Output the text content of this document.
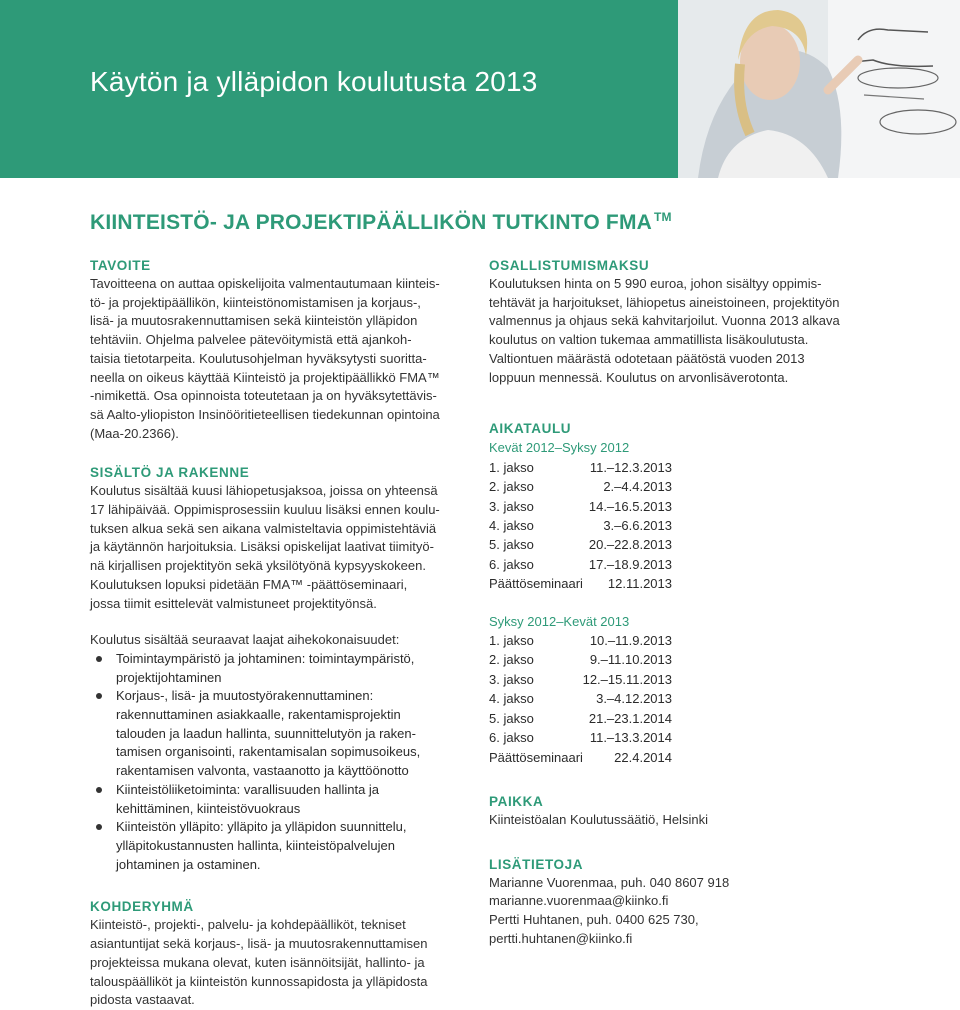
Käytön ja ylläpidon koulutusta 2013
KIINTEISTÖ- JA PROJEKTIPÄÄLLIKÖN TUTKINTO FMA ™
TAVOITE
Tavoitteena on auttaa opiskelijoita valmentautumaan kiinteis-
tö- ja projektipäällikön, kiinteistönomistamisen ja korjaus-,
lisä- ja muutosrakennuttamisen sekä kiinteistön ylläpidon
tehtäviin. Ohjelma palvelee pätevöitymistä että ajankoh-
taisia tietotarpeita. Koulutusohjelman hyväksytysti suoritta-
neella on oikeus käyttää Kiinteistö ja projektipäällikkö FMA™
-nimikettä. Osa opinnoista toteutetaan ja on hyväksytettävis-
sä Aalto-yliopiston Insinööritieteellisen tiedekunnan opintoina
(Maa-20.2366).
SISÄLTÖ JA RAKENNE
Koulutus sisältää kuusi lähiopetusjaksoa, joissa on yhteensä
17 lähipäivää. Oppimisprosessiin kuuluu lisäksi ennen koulu-
tuksen alkua sekä sen aikana valmisteltavia oppimistehtäviä
ja käytännön harjoituksia. Lisäksi opiskelijat laativat tiimityö-
nä kirjallisen projektityön sekä yksilötyönä kypsyyskokeen.
Koulutuksen lopuksi pidetään FMA™ -päättöseminaari,
jossa tiimit esittelevät valmistuneet projektityönsä.
Koulutus sisältää seuraavat laajat aihekokonaisuudet:
Toimintaympäristö ja johtaminen: toimintaympäristö,
projektijohtaminen
Korjaus-, lisä- ja muutostyörakennuttaminen:
rakennuttaminen asiakkaalle, rakentamisprojektin
talouden ja laadun hallinta, suunnittelutyön ja raken-
tamisen organisointi, rakentamisalan sopimusoikeus,
rakentamisen valvonta, vastaanotto ja käyttöönotto
Kiinteistöliiketoiminta: varallisuuden hallinta ja
kehittäminen, kiinteistövuokraus
Kiinteistön ylläpito: ylläpito ja ylläpidon suunnittelu,
ylläpitokustannusten hallinta, kiinteistöpalvelujen
johtaminen ja ostaminen.
KOHDERYHMÄ
Kiinteistö-, projekti-, palvelu- ja kohdepäälliköt, tekniset
asiantuntijat sekä korjaus-, lisä- ja muutosrakennuttamisen
projekteissa mukana olevat, kuten isännöitsijät, hallinto- ja
talouspäälliköt ja kiinteistön kunnossapidosta ja ylläpidosta
pidosta vastaavat.
OSALLISTUMISMAKSU
Koulutuksen hinta on 5 990 euroa, johon sisältyy oppimis-
tehtävät ja harjoitukset, lähiopetus aineistoineen, projektityön
valmennus ja ohjaus sekä kahvitarjoilut. Vuonna 2013 alkava
koulutus on valtion tukemaa ammatillista lisäkoulutusta.
Valtiontuen määrästä odotetaan päätöstä vuoden 2013
loppuun mennessä. Koulutus on arvonlisäverotonta.
AIKATAULU
Kevät 2012–Syksy 2012
1. jakso	11.–12.3.2013
2. jakso	2.–4.4.2013
3. jakso	14.–16.5.2013
4. jakso	3.–6.6.2013
5. jakso	20.–22.8.2013
6. jakso	17.–18.9.2013
Päättöseminaari	12.11.2013
Syksy 2012–Kevät 2013
1. jakso	10.–11.9.2013
2. jakso	9.–11.10.2013
3. jakso	12.–15.11.2013
4. jakso	3.–4.12.2013
5. jakso	21.–23.1.2014
6. jakso	11.–13.3.2014
Päättöseminaari	22.4.2014
PAIKKA
Kiinteistöalan Koulutussäätiö, Helsinki
LISÄTIETOJA
Marianne Vuorenmaa, puh. 040 8607 918
marianne.vuorenmaa@kiinko.fi
Pertti Huhtanen, puh. 0400 625 730,
pertti.huhtanen@kiinko.fi
